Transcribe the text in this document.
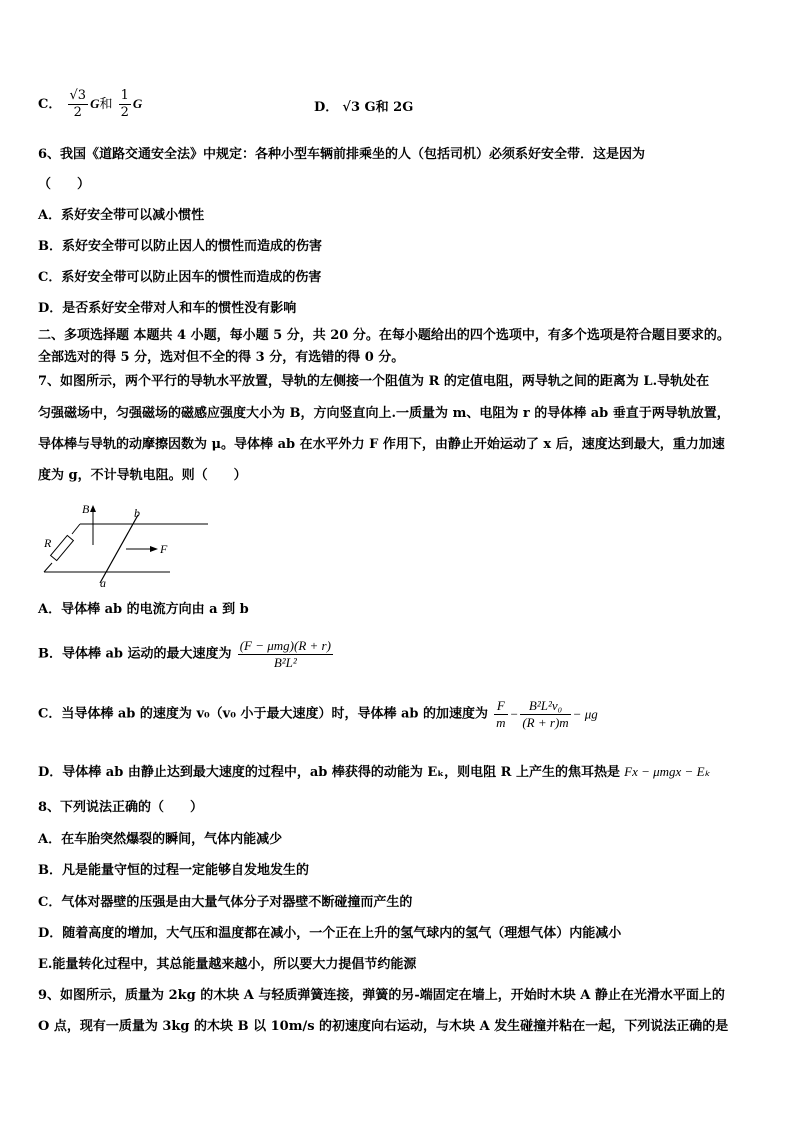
C． $\frac{√3}{2}$ G和 $\frac{1}{2}$ G	D． √3 G和 2G
6、我国《道路交通安全法》中规定：各种小型车辆前排乘坐的人（包括司机）必须系好安全带．这是因为
（　　）
A．系好安全带可以减小惯性
B．系好安全带可以防止因人的惯性而造成的伤害
C．系好安全带可以防止因车的惯性而造成的伤害
D．是否系好安全带对人和车的惯性没有影响
二、多项选择题 本题共 4 小题，每小题 5 分，共 20 分。在每小题给出的四个选项中，有多个选项是符合题目要求的。
全部选对的得 5 分，选对但不全的得 3 分，有选错的得 0 分。
7、如图所示，两个平行的导轨水平放置，导轨的左侧接一个阻值为 R 的定值电阻，两导轨之间的距离为 L.导轨处在
匀强磁场中，匀强磁场的磁感应强度大小为 B，方向竖直向上.一质量为 m、电阻为 r 的导体棒 ab 垂直于两导轨放置，
导体棒与导轨的动摩擦因数为 μ。导体棒 ab 在水平外力 F 作用下，由静止开始运动了 x 后，速度达到最大，重力加速
度为 g，不计导轨电阻。则（　　）
B	b
R	F
a
A．导体棒 ab 的电流方向由 a 到 b
B．导体棒 ab 运动的最大速度为 $\frac{\text{(F − μmg)(R + r)}}{\text{B²L²}}$
C．当导体棒 ab 的速度为 v₀（v₀ 小于最大速度）时，导体棒 ab 的加速度为 $\frac{F}{m} - \frac{\text{B²L²v₀}}{(R + r)m} - \mu g$
D．导体棒 ab 由静止达到最大速度的过程中，ab 棒获得的动能为 Eₖ，则电阻 R 上产生的焦耳热是 Fx − μmgx − Eₖ
8、下列说法正确的（　　）
A．在车胎突然爆裂的瞬间，气体内能减少
B．凡是能量守恒的过程一定能够自发地发生的
C．气体对器壁的压强是由大量气体分子对器壁不断碰撞而产生的
D．随着高度的增加，大气压和温度都在减小，一个正在上升的氢气球内的氢气（理想气体）内能减小
E.能量转化过程中，其总能量越来越小，所以要大力提倡节约能源
9、如图所示，质量为 2kg 的木块 A 与轻质弹簧连接，弹簧的另-端固定在墙上，开始时木块 A 静止在光滑水平面上的
O 点，现有一质量为 3kg 的木块 B 以 10m/s 的初速度向右运动，与木块 A 发生碰撞并粘在一起，下列说法正确的是
